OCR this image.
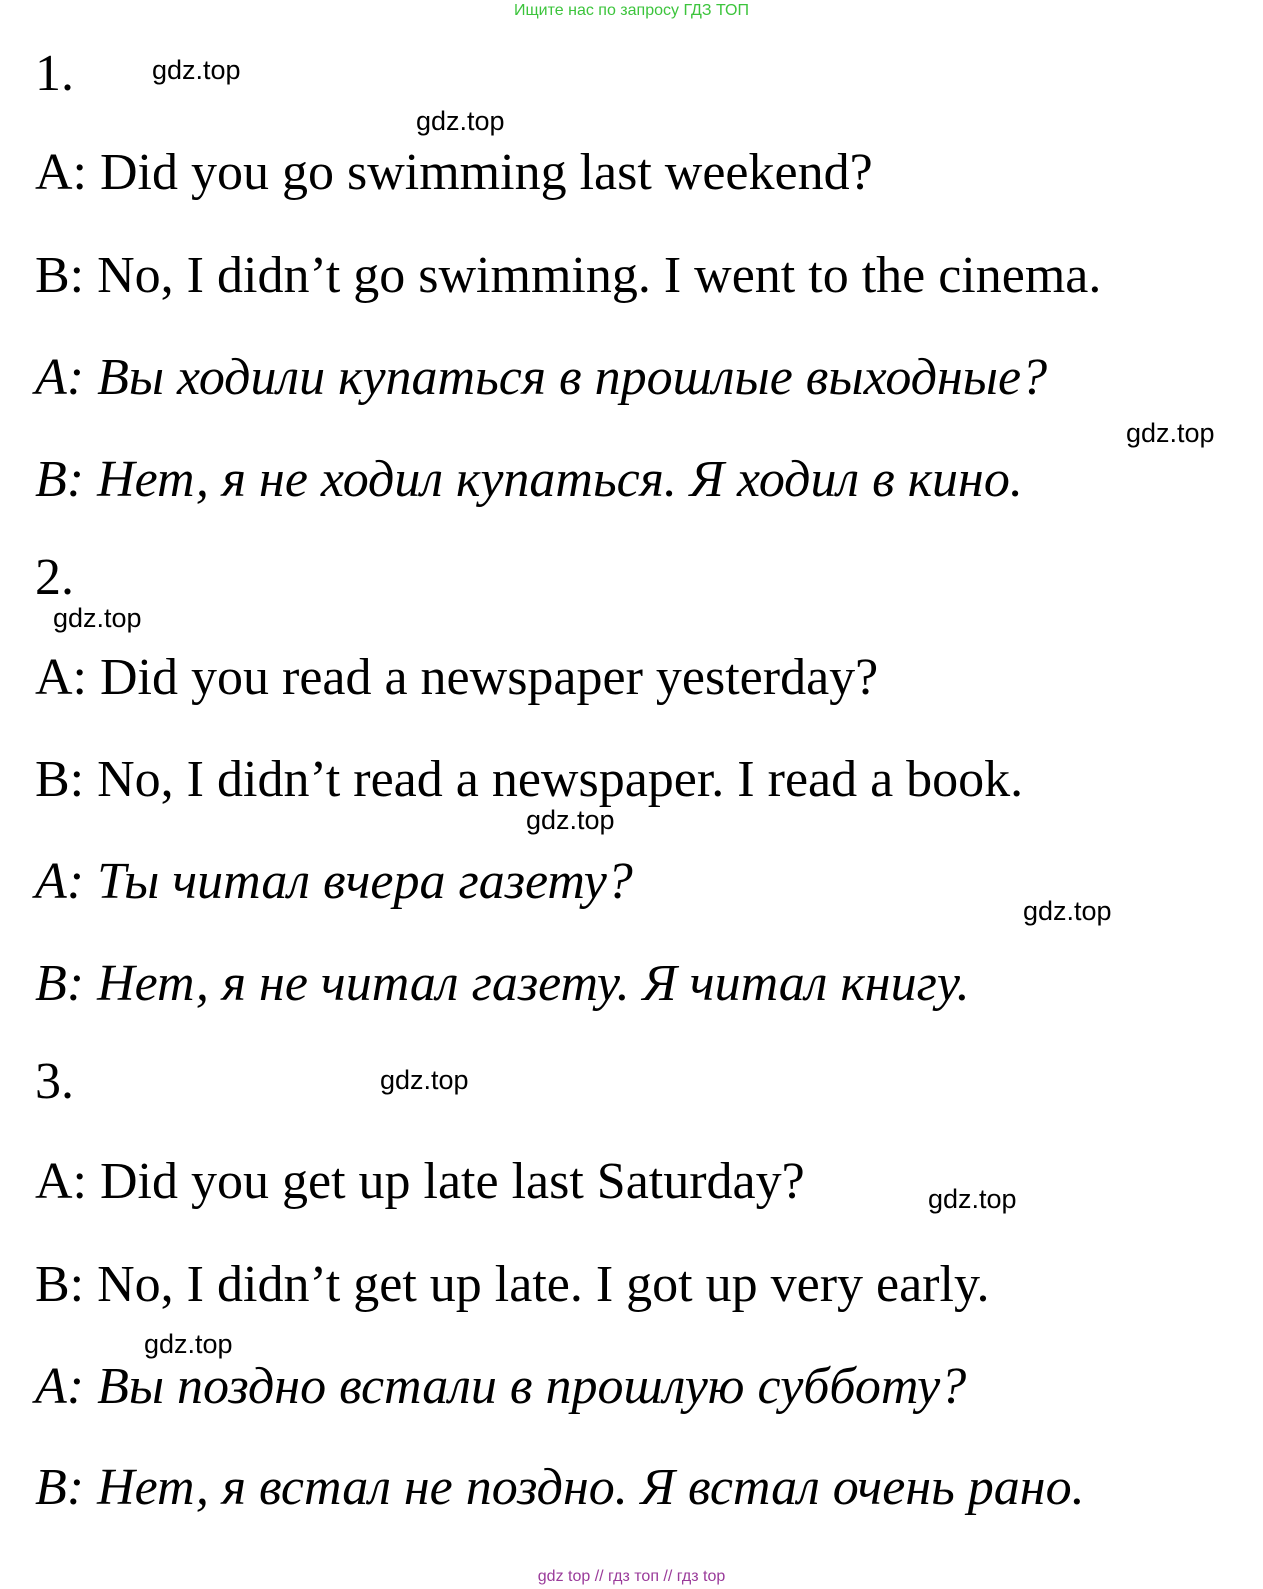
Ищите нас по запросу ГДЗ ТОП
1.
A: Did you go swimming last weekend?
B: No, I didn’t go swimming. I went to the cinema.
A: Вы ходили купаться в прошлые выходные?
B: Нет, я не ходил купаться. Я ходил в кино.
2.
A: Did you read a newspaper yesterday?
B: No, I didn’t read a newspaper. I read a book.
A: Ты читал вчера газету?
B: Нет, я не читал газету. Я читал книгу.
3.
A: Did you get up late last Saturday?
B: No, I didn’t get up late. I got up very early.
A: Вы поздно встали в прошлую субботу?
B: Нет, я встал не поздно. Я встал очень рано.
gdz.top
gdz.top
gdz.top
gdz.top
gdz.top
gdz.top
gdz.top
gdz.top
gdz.top
gdz top // гдз топ // гдз top
